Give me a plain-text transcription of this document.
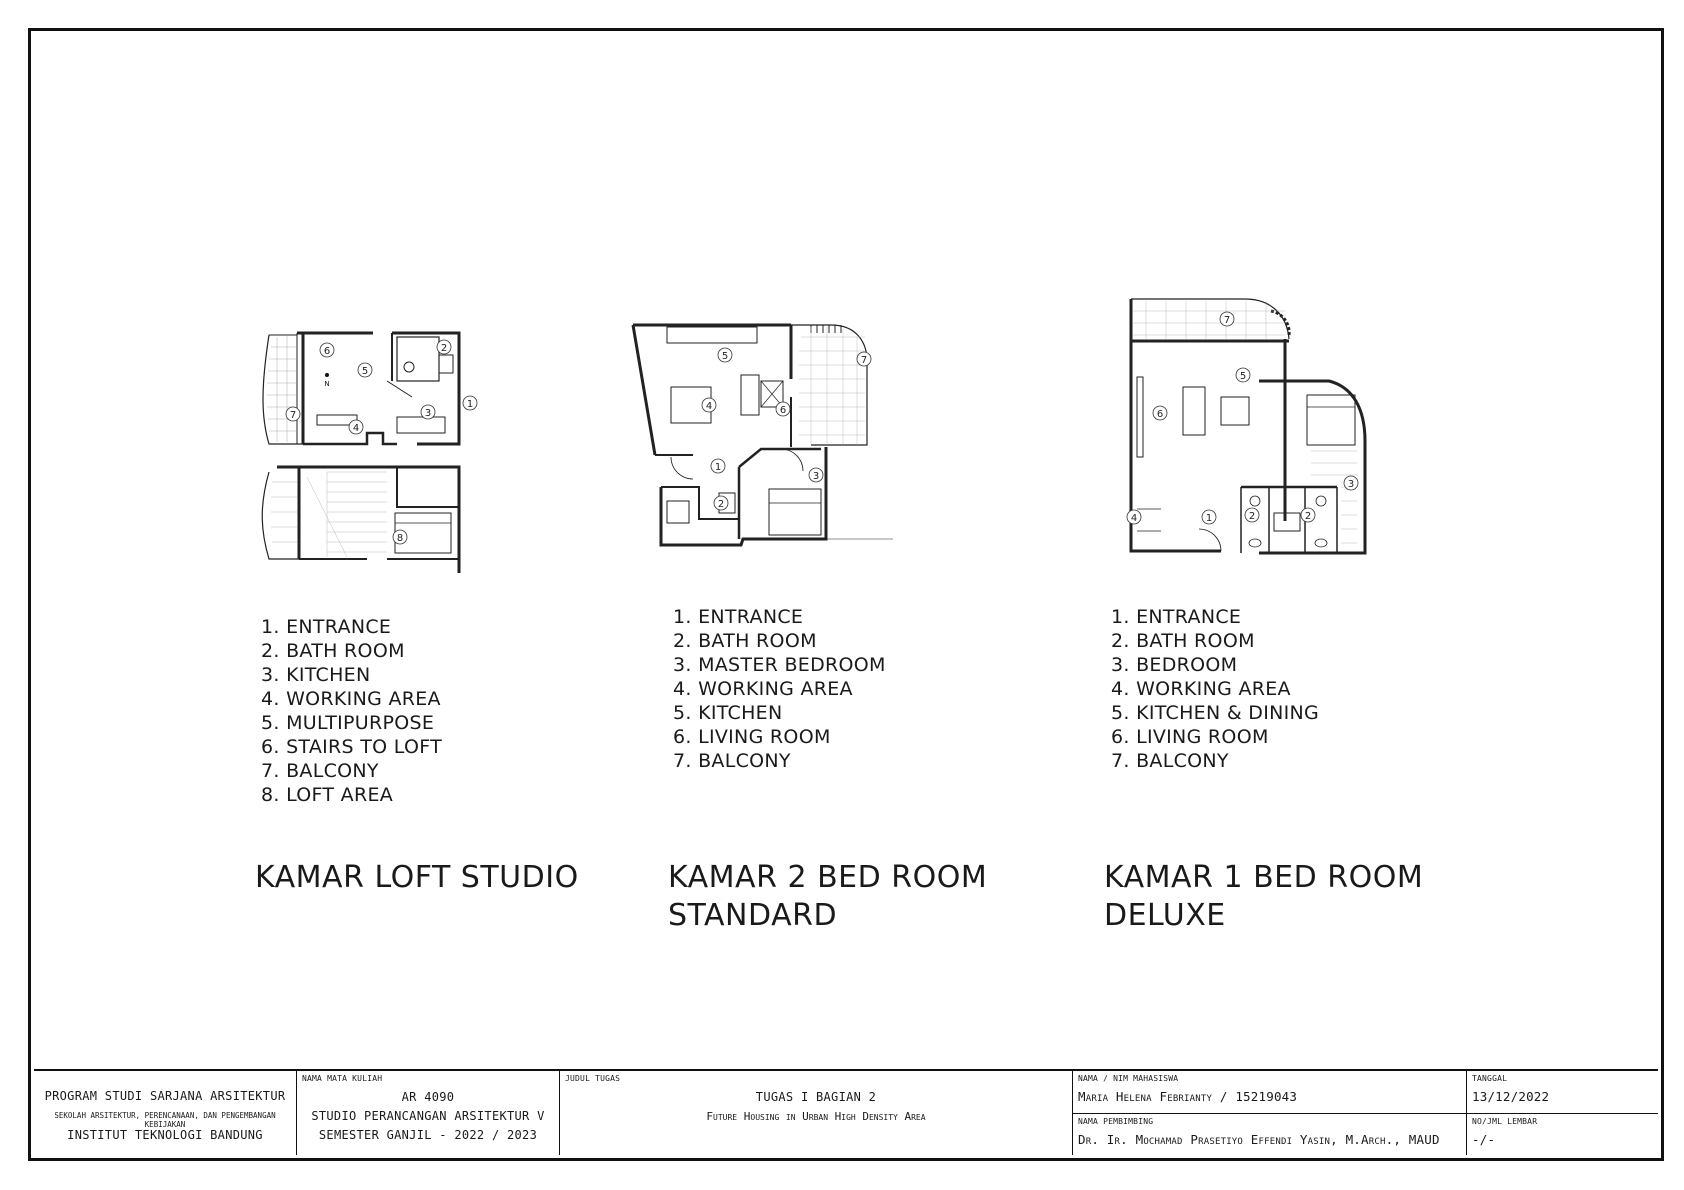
6	2
5
1
3
7
4
8
N
5	7
4	6
1
3
2
7
5
6
3
4	1	2	2
1. ENTRANCE
2. BATH ROOM
3. KITCHEN
4. WORKING AREA
5. MULTIPURPOSE
6. STAIRS TO LOFT
7. BALCONY
8. LOFT AREA
1. ENTRANCE
2. BATH ROOM
3. MASTER BEDROOM
4. WORKING AREA
5. KITCHEN
6. LIVING ROOM
7. BALCONY
1. ENTRANCE
2. BATH ROOM
3. BEDROOM
4. WORKING AREA
5. KITCHEN & DINING
6. LIVING ROOM
7. BALCONY
KAMAR LOFT STUDIO	KAMAR 2 BED ROOM
STANDARD
KAMAR 1 BED ROOM
DELUXE
PROGRAM STUDI SARJANA ARSITEKTUR
SEKOLAH ARSITEKTUR, PERENCANAAN, DAN PENGEMBANGAN KEBIJAKAN
INSTITUT TEKNOLOGI BANDUNG
NAMA MATA KULIAH
AR 4090
STUDIO PERANCANGAN ARSITEKTUR V
SEMESTER GANJIL - 2022 / 2023
JUDUL TUGAS
TUGAS I BAGIAN 2
Future Housing in Urban High Density Area
NAMA / NIM MAHASISWA
Maria Helena Febrianty / 15219043
NAMA PEMBIMBING
Dr. Ir. Mochamad Prasetiyo Effendi Yasin, M.Arch., MAUD
TANGGAL
13/12/2022
NO/JML LEMBAR
-/-
